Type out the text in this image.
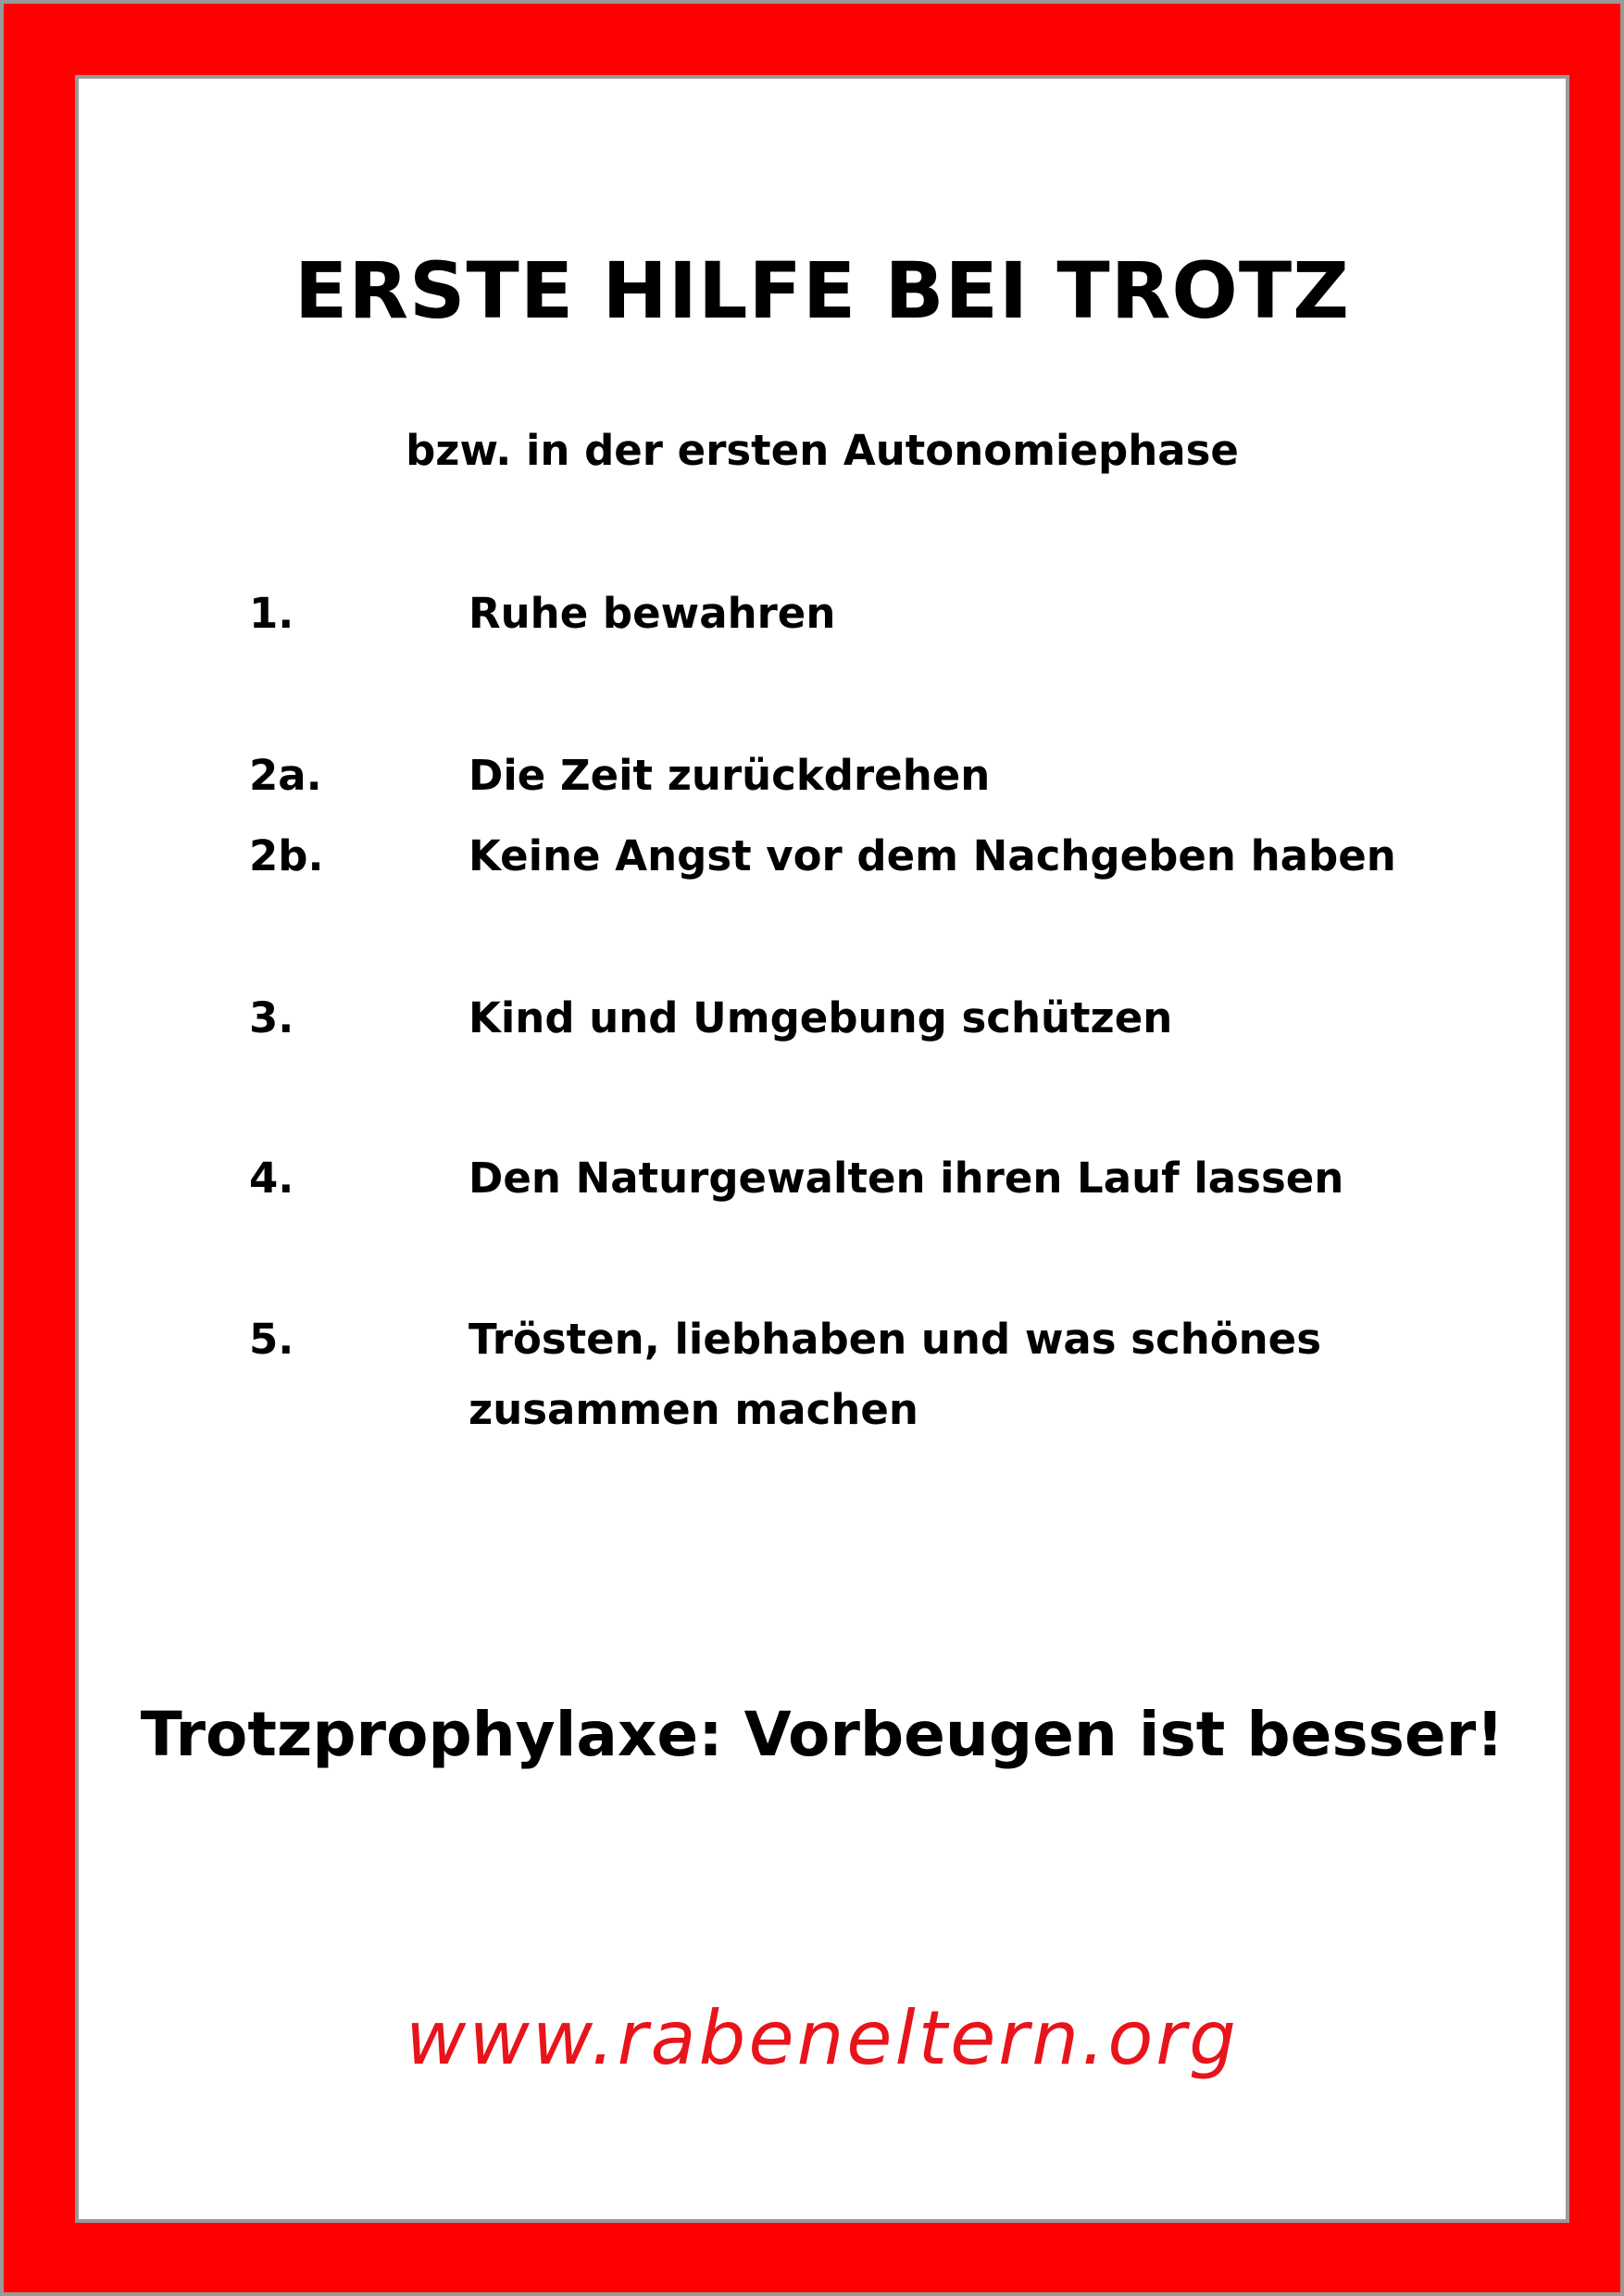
ERSTE HILFE BEI TROTZ
bzw. in der ersten Autonomiephase
1.	Ruhe bewahren
2a.	Die Zeit zurückdrehen
2b.	Keine Angst vor dem Nachgeben haben
3.	Kind und Umgebung schützen
4.	Den Naturgewalten ihren Lauf lassen
5.	Trösten, liebhaben und was schönes zusammen machen
Trotzprophylaxe: Vorbeugen ist besser!
www.rabeneltern.org
